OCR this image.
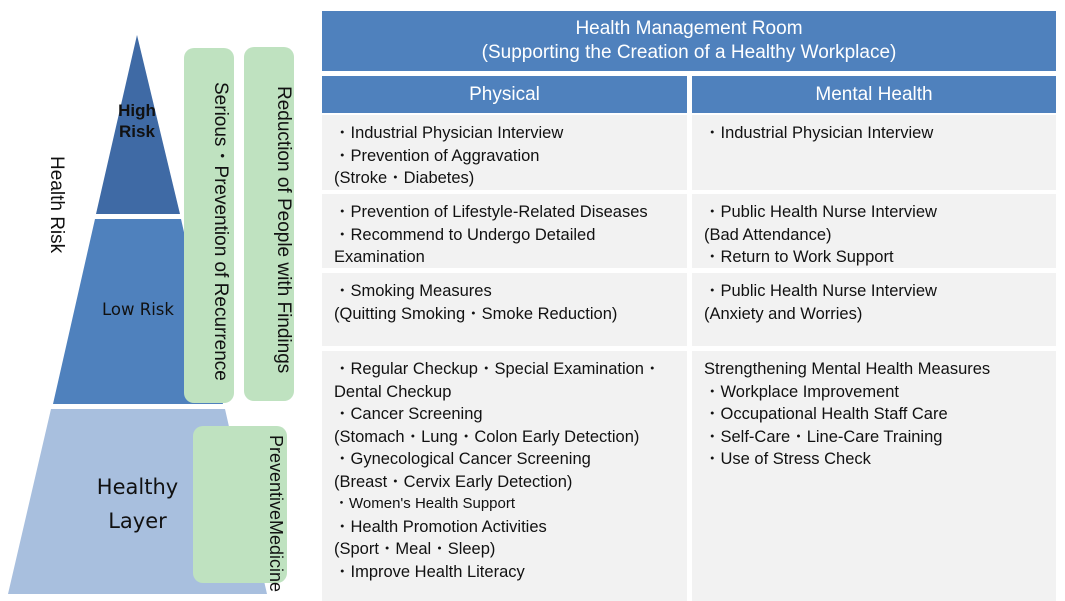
Health Risk
High
Risk
Low Risk
Healthy
Layer
Serious・Prevention of Recurrence	Reduction of People with Findings
Preventive
Medicine
Health Management Room
(Supporting the Creation of a Healthy Workplace)
Physical	Mental Health
・Industrial Physician Interview
・Prevention of Aggravation
(Stroke・Diabetes)
・Industrial Physician Interview
・Prevention of Lifestyle-Related Diseases
・Recommend to Undergo Detailed
Examination
・Public Health Nurse Interview
(Bad Attendance)
・Return to Work Support
・Smoking Measures
(Quitting Smoking・Smoke Reduction)
・Public Health Nurse Interview
(Anxiety and Worries)
・Regular Checkup・Special Examination・
Dental Checkup
・Cancer Screening
(Stomach・Lung・Colon Early Detection)
・Gynecological Cancer Screening
(Breast・Cervix Early Detection)
・Women's Health Support
・Health Promotion Activities
(Sport・Meal・Sleep)
・Improve Health Literacy
Strengthening Mental Health Measures
・Workplace Improvement
・Occupational Health Staff Care
・Self-Care・Line-Care Training
・Use of Stress Check
